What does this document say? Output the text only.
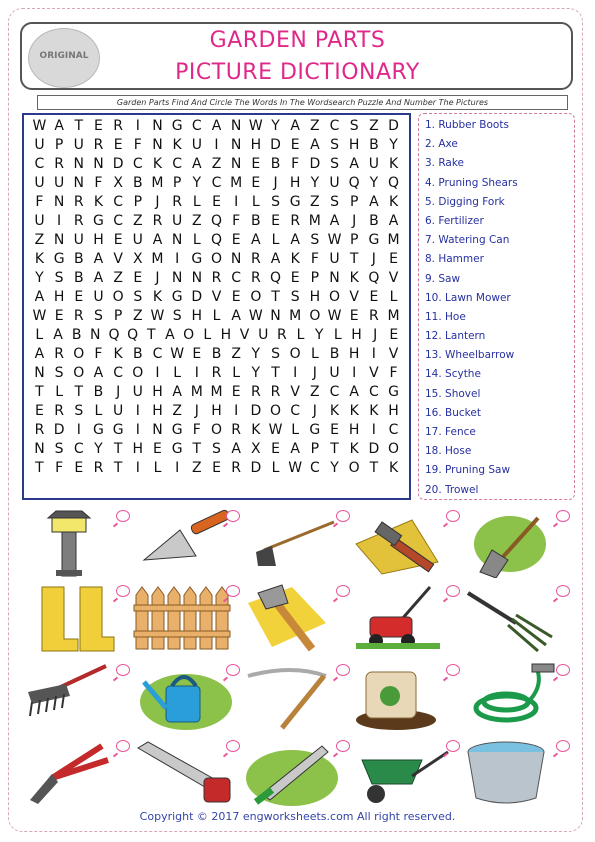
ORIGINAL
GARDEN PARTS
PICTURE DICTIONARY
Garden Parts Find And Circle The Words In The Wordsearch Puzzle And Number The Pictures
W A T E R I N G C A N W Y A Z C S Z D
U P U R E F N K U I N H D E A S H B Y
C R N N D C K C A Z N E B F D S A U K
U U N F X B M P Y C M E J H Y U Q Y Q
F N R K C P J R L E I L S G Z S P A K
U I R G C Z R U Z Q F B E R M A J B A
Z N U H E U A N L Q E A L A S W P G M
K G B A V X M I G O N R A K F U T J E
Y S B A Z E J N N R C R Q E P N K Q V
A H E U O S K G D V E O T S H O V E L
W E R S P Z W S H L A W N M O W E R M
L A B N Q Q T A O L H V U R L Y L H J E
A R O F K B C W E B Z Y S O L B H I V
N S O A C O I L I R L Y T I	J U I V F
T L T B J U H A M M E R R V Z C A C G
E R S L U I H Z J H I D O C J K K K H
R D I G G I N G F O R K W L G E H I C
N S C Y T H E G T S A X E A P T K D O
T F E R T I L I Z E R D L W C Y O T K
1. Rubber Boots
2. Axe
3. Rake
4. Pruning Shears
5. Digging Fork
6. Fertilizer
7. Watering Can
8. Hammer
9. Saw
10. Lawn Mower
11. Hoe
12. Lantern
13. Wheelbarrow
14. Scythe
15. Shovel
16. Bucket
17. Fence
18. Hose
19. Pruning Saw
20. Trowel
Copyright © 2017 engworksheets.com All right reserved.
